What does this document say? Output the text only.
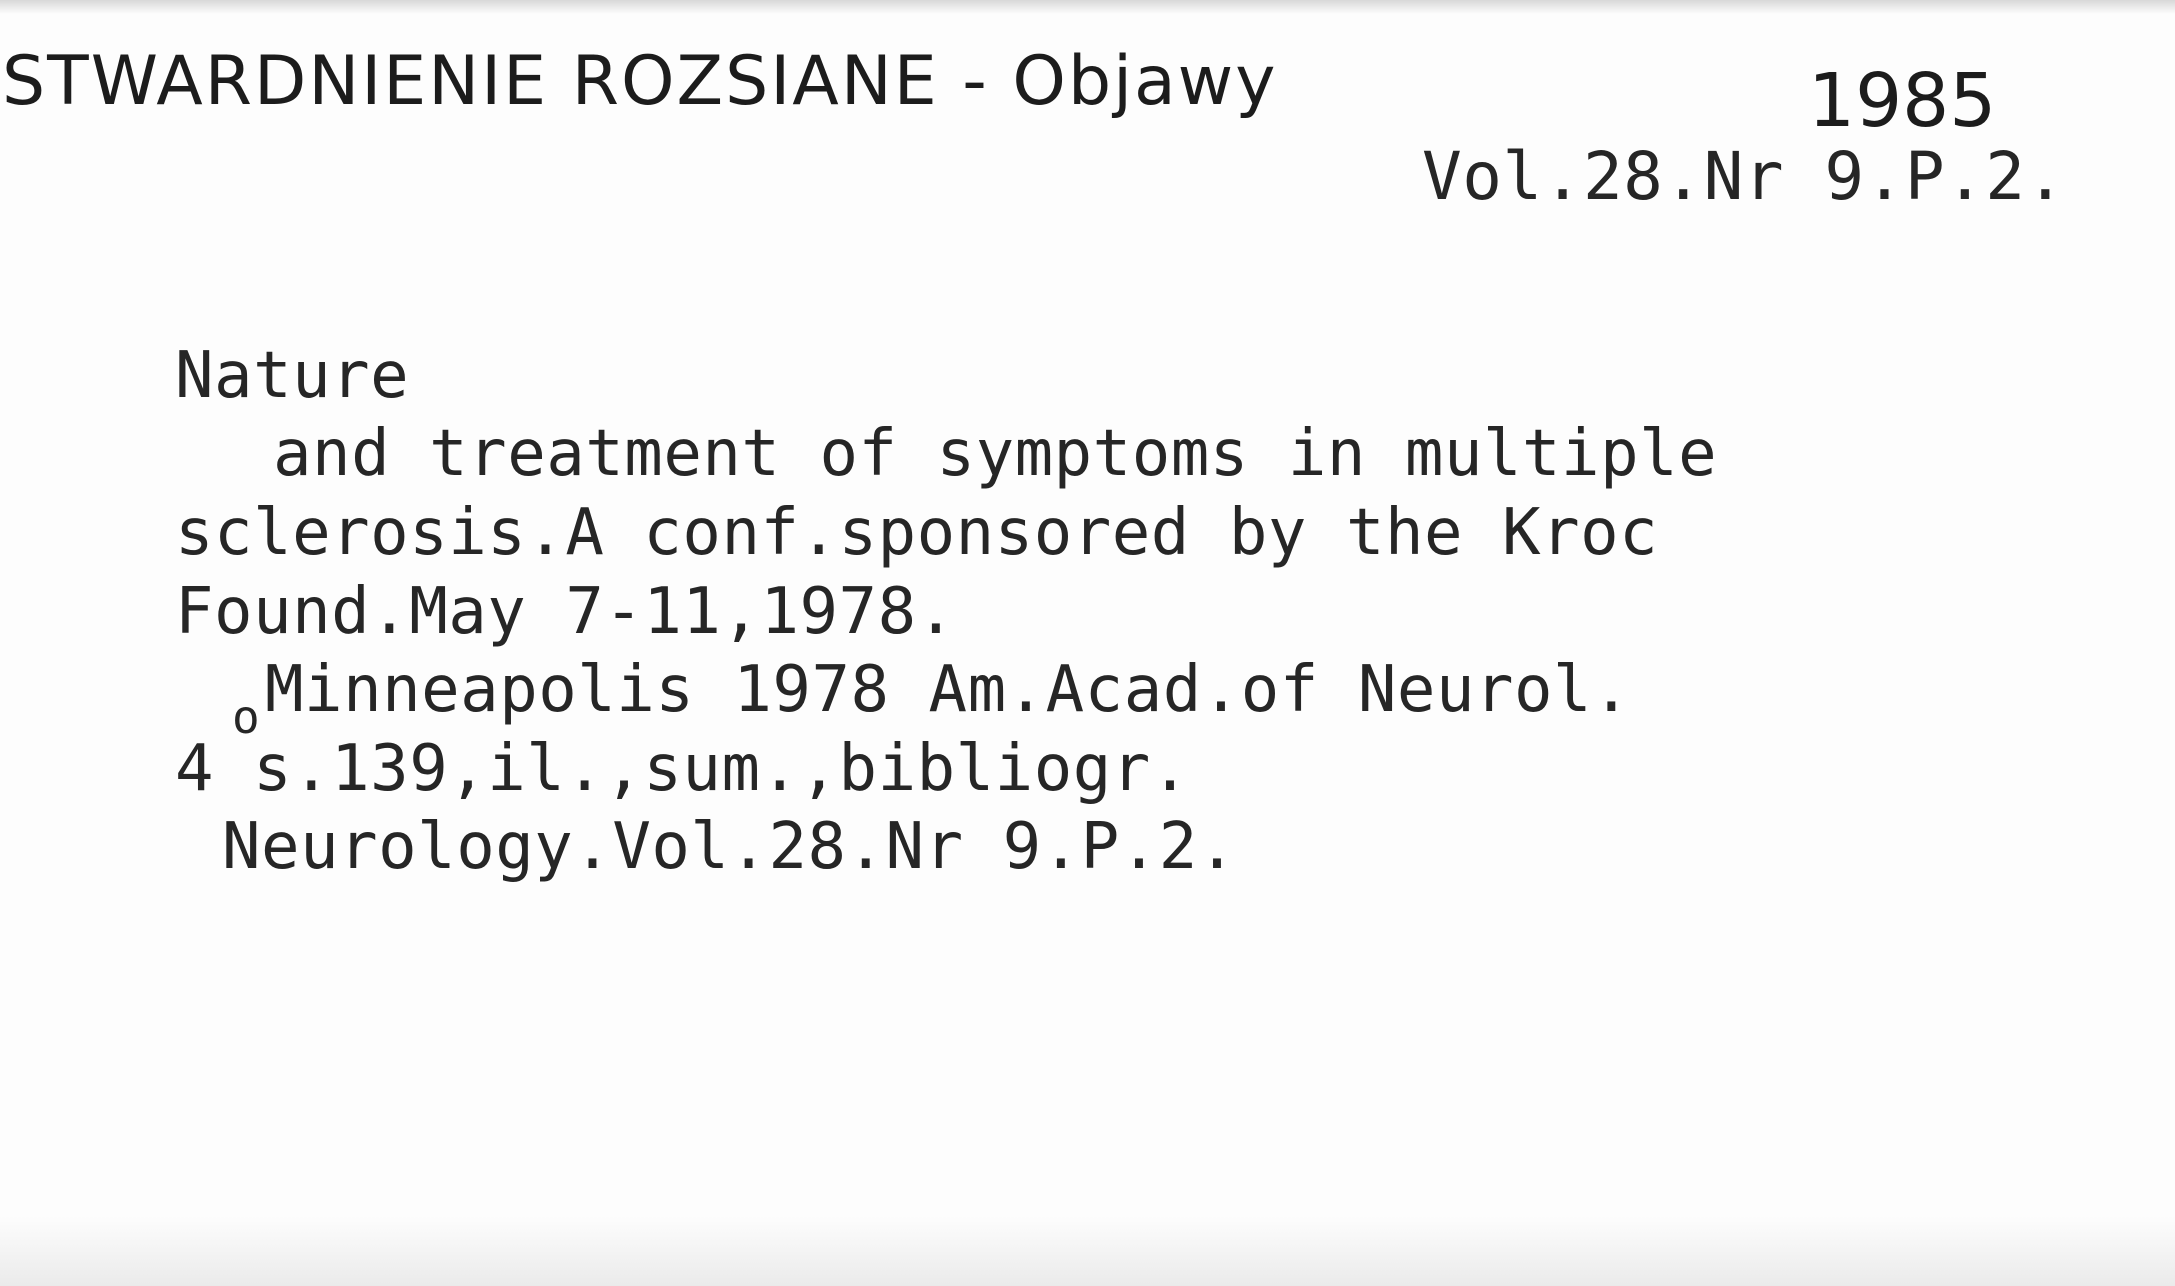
STWARDNIENIE ROZSIANE - Objawy	1985
Vol.28.Nr 9.P.2.
Nature
and treatment of symptoms in multiple
sclerosis.A conf.sponsored by the Kroc
Found.May 7-11,1978.
o Minneapolis 1978 Am.Acad.of Neurol.
4 s.139,il.,sum.,bibliogr.
Neurology.Vol.28.Nr 9.P.2.
